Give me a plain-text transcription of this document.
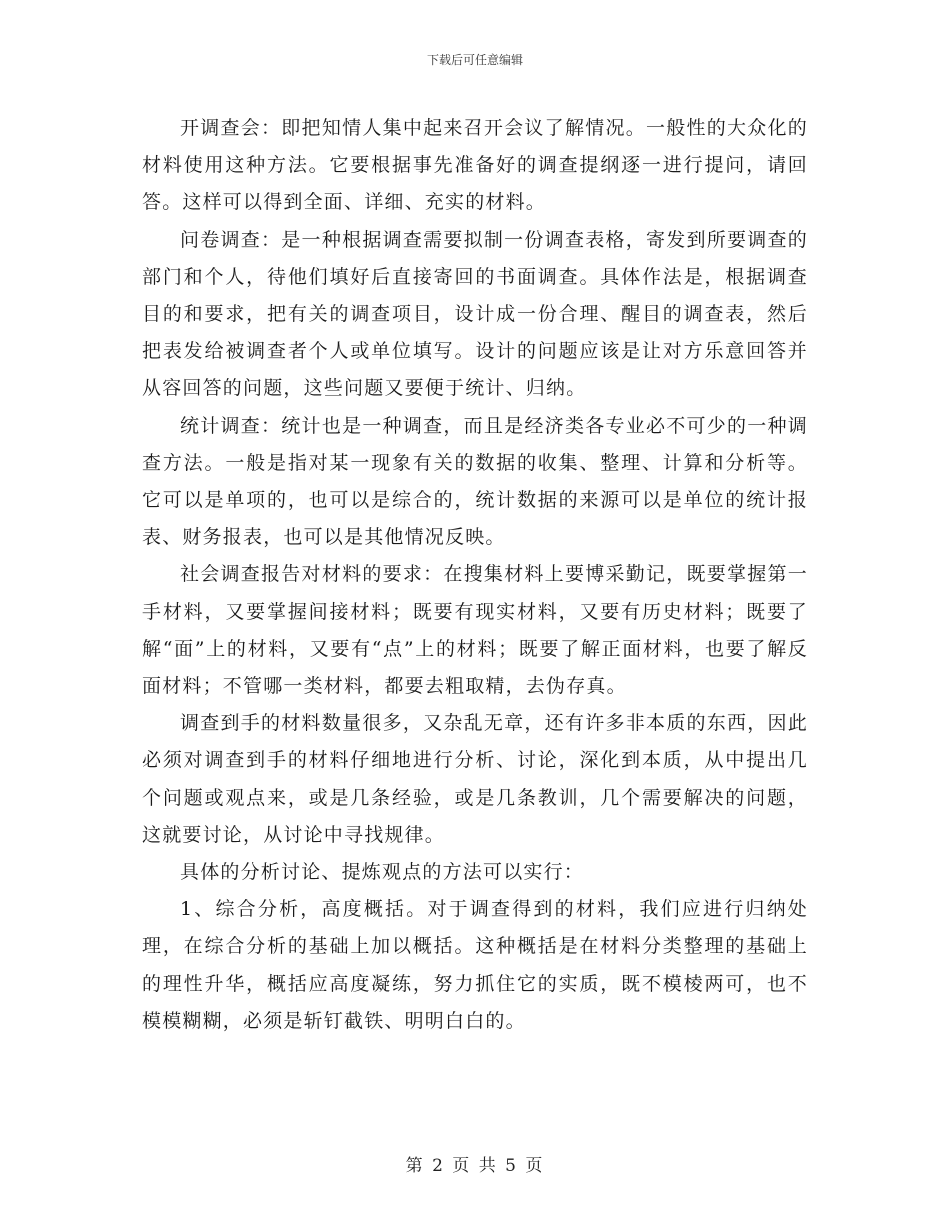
下载后可任意编辑

开调查会：即把知情人集中起来召开会议了解情况。一般性的大众化的材料使用这种方法。它要根据事先准备好的调查提纲逐一进行提问，请回答。这样可以得到全面、详细、充实的材料。

问卷调查：是一种根据调查需要拟制一份调查表格，寄发到所要调查的部门和个人，待他们填好后直接寄回的书面调查。具体作法是，根据调查目的和要求，把有关的调查项目，设计成一份合理、醒目的调查表，然后把表发给被调查者个人或单位填写。设计的问题应该是让对方乐意回答并从容回答的问题，这些问题又要便于统计、归纳。

统计调查：统计也是一种调查，而且是经济类各专业必不可少的一种调查方法。一般是指对某一现象有关的数据的收集、整理、计算和分析等。它可以是单项的，也可以是综合的，统计数据的来源可以是单位的统计报表、财务报表，也可以是其他情况反映。

社会调查报告对材料的要求：在搜集材料上要博采勤记，既要掌握第一手材料，又要掌握间接材料；既要有现实材料，又要有历史材料；既要了解“面”上的材料，又要有“点”上的材料；既要了解正面材料，也要了解反面材料；不管哪一类材料，都要去粗取精，去伪存真。

调查到手的材料数量很多，又杂乱无章，还有许多非本质的东西，因此必须对调查到手的材料仔细地进行分析、讨论，深化到本质，从中提出几个问题或观点来，或是几条经验，或是几条教训，几个需要解决的问题，这就要讨论，从讨论中寻找规律。

具体的分析讨论、提炼观点的方法可以实行：

1、综合分析，高度概括。对于调查得到的材料，我们应进行归纳处理，在综合分析的基础上加以概括。这种概括是在材料分类整理的基础上的理性升华，概括应高度凝练，努力抓住它的实质，既不模棱两可，也不模模糊糊，必须是斩钉截铁、明明白白的。

第 2 页 共 5 页
